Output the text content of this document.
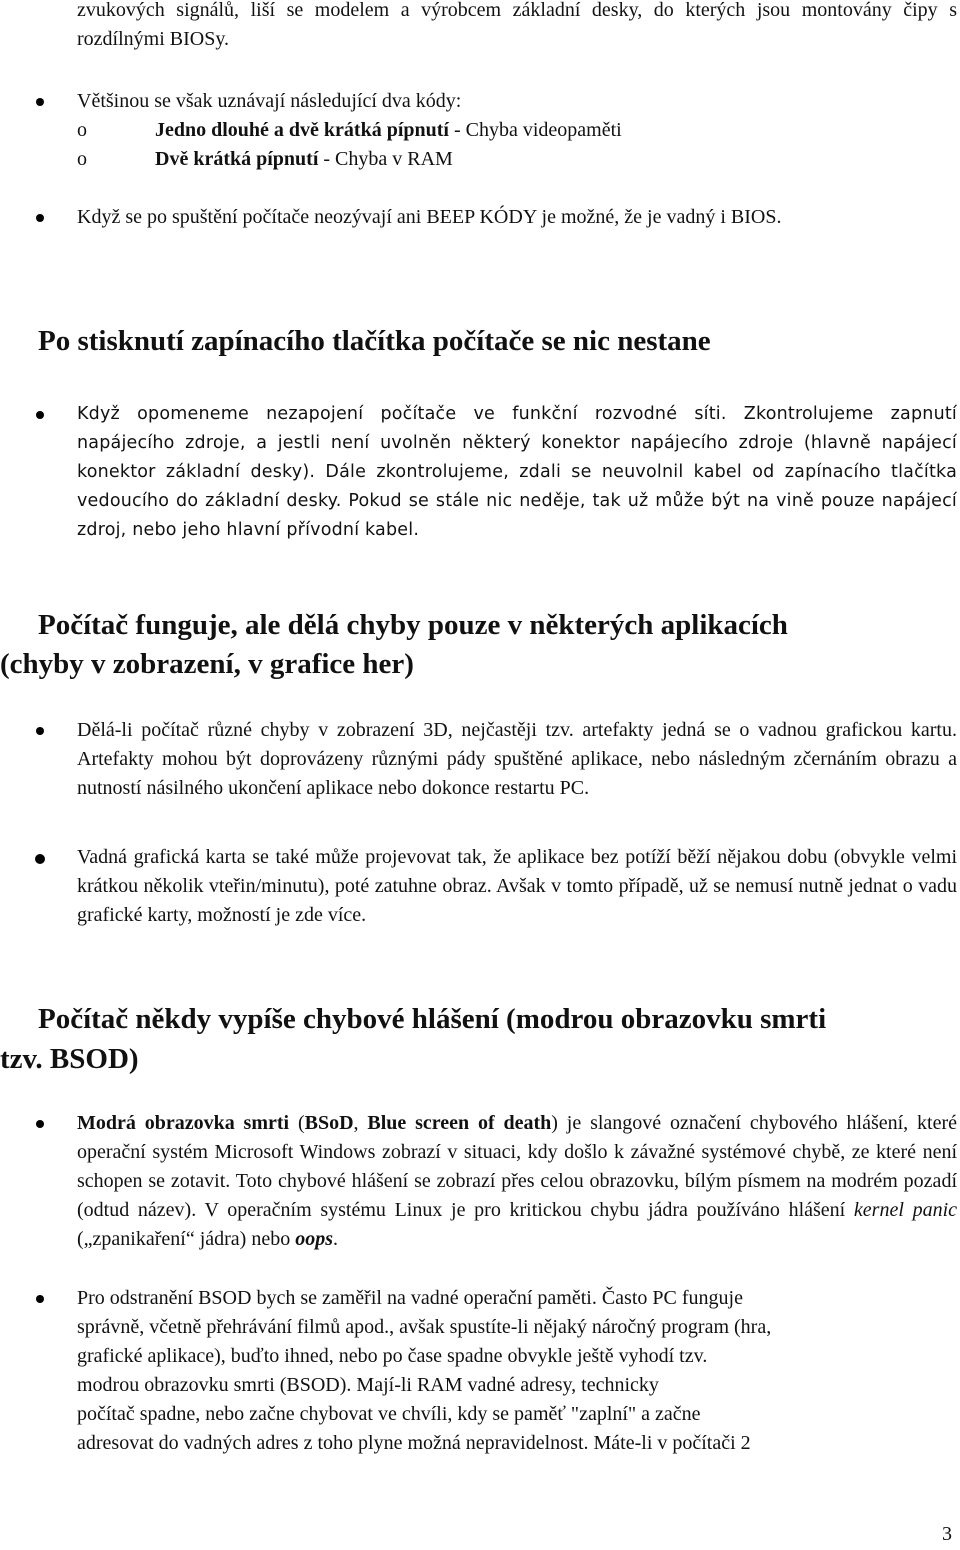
zvukových signálů, liší se modelem a výrobcem základní desky, do kterých jsou montovány čipy s rozdílnými BIOSy.

Většinou se však uznávají následující dva kódy:

o	Jedno dlouhé a dvě krátká pípnutí - Chyba videopaměti
o	Dvě krátká pípnutí - Chyba v RAM

Když se po spuštění počítače neozývají ani BEEP KÓDY je možné, že je vadný i BIOS.

Po stisknutí zapínacího tlačítka počítače se nic nestane

Když opomeneme nezapojení počítače ve funkční rozvodné síti. Zkontrolujeme zapnutí napájecího zdroje, a jestli není uvolněn některý konektor napájecího zdroje (hlavně napájecí konektor základní desky). Dále zkontrolujeme, zdali se neuvolnil kabel od zapínacího tlačítka vedoucího do základní desky. Pokud se stále nic neděje, tak už může být na vině pouze napájecí zdroj, nebo jeho hlavní přívodní kabel.

Počítač funguje, ale dělá chyby pouze v některých aplikacích
(chyby v zobrazení, v grafice her)

Dělá-li počítač různé chyby v zobrazení 3D, nejčastěji tzv. artefakty jedná se o vadnou grafickou kartu. Artefakty mohou být doprovázeny různými pády spuštěné aplikace, nebo následným zčernáním obrazu a nutností násilného ukončení aplikace nebo dokonce restartu PC.

Vadná grafická karta se také může projevovat tak, že aplikace bez potíží běží nějakou dobu (obvykle velmi krátkou několik vteřin/minutu), poté zatuhne obraz. Avšak v tomto případě, už se nemusí nutně jednat o vadu grafické karty, možností je zde více.

Počítač někdy vypíše chybové hlášení (modrou obrazovku smrti
tzv. BSOD)

Modrá obrazovka smrti (BSoD, Blue screen of death) je slangové označení chybového hlášení, které operační systém Microsoft Windows zobrazí v situaci, kdy došlo k závažné systémové chybě, ze které není schopen se zotavit. Toto chybové hlášení se zobrazí přes celou obrazovku, bílým písmem na modrém pozadí (odtud název). V operačním systému Linux je pro kritickou chybu jádra používáno hlášení kernel panic („zpanikaření“ jádra) nebo oops.

Pro odstranění BSOD bych se zaměřil na vadné operační paměti. Často PC funguje
správně, včetně přehrávání filmů apod., avšak spustíte-li nějaký náročný program (hra,
grafické aplikace), buďto ihned, nebo po čase spadne obvykle ještě vyhodí tzv.
modrou obrazovku smrti (BSOD). Mají-li RAM vadné adresy, technicky
počítač spadne, nebo začne chybovat ve chvíli, kdy se paměť "zaplní" a začne
adresovat do vadných adres z toho plyne možná nepravidelnost. Máte-li v počítači 2
3
